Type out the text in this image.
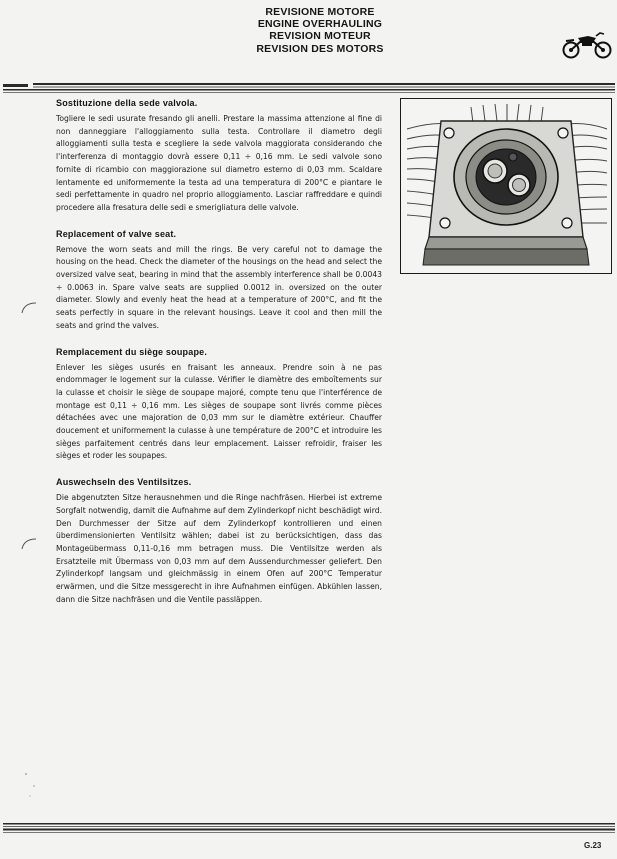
REVISIONE MOTORE
ENGINE OVERHAULING
REVISION MOTEUR
REVISION DES MOTORS
Sostituzione della sede valvola.

Togliere le sedi usurate fresando gli anelli. Prestare la massima attenzione al fine di non danneggiare l'alloggiamento sulla testa. Controllare il diametro degli alloggiamenti sulla testa e scegliere la sede valvola maggiorata considerando che l'interferenza di montaggio dovrà essere 0,11 ÷ 0,16 mm. Le sedi valvole sono fornite di ricambio con maggiorazione sul diametro esterno di 0,03 mm. Scaldare lentamente ed uniformemente la testa ad una temperatura di 200°C e piantare le sedi perfettamente in quadro nel proprio alloggiamento. Lasciar raffreddare e quindi procedere alla fresatura delle sedi e smerigliatura delle valvole.

Replacement of valve seat.

Remove the worn seats and mill the rings. Be very careful not to damage the housing on the head. Check the diameter of the housings on the head and select the oversized valve seat, bearing in mind that the assembly interference shall be 0.0043 ÷ 0.0063 in. Spare valve seats are supplied 0.0012 in. oversized on the outer diameter. Slowly and evenly heat the head at a temperature of 200°C, and fit the seats perfectly in square in the relevant housings. Leave it cool and then mill the seats and grind the valves.

Remplacement du siège soupape.

Enlever les sièges usurés en fraisant les anneaux. Prendre soin à ne pas endommager le logement sur la culasse. Vérifier le diamètre des emboîtements sur la culasse et choisir le siège de soupape majoré, compte tenu que l'interférence de montage est 0,11 ÷ 0,16 mm. Les sièges de soupape sont livrés comme pièces détachées avec une majoration de 0,03 mm sur le diamètre extérieur. Chauffer doucement et uniformement la culasse à une température de 200°C et introduire les sièges parfaitement centrés dans leur emplacement. Laisser refroidir, fraiser les sièges et roder les soupapes.

Auswechseln des Ventilsitzes.

Die abgenutzten Sitze herausnehmen und die Ringe nachfräsen. Hierbei ist extreme Sorgfalt notwendig, damit die Aufnahme auf dem Zylinderkopf nicht beschädigt wird. Den Durchmesser der Sitze auf dem Zylinderkopf kontrollieren und einen überdimensionierten Ventilsitz wählen; dabei ist zu berücksichtigen, dass das Montageübermass 0,11-0,16 mm betragen muss. Die Ventilsitze werden als Ersatzteile mit Übermass von 0,03 mm auf dem Aussendurchmesser geliefert. Den Zylinderkopf langsam und gleichmässig in einem Ofen auf 200°C Temperatur erwärmen, und die Sitze messgerecht in ihre Aufnahmen einfügen. Abkühlen lassen, dann die Sitze nachfräsen und die Ventile passläppen.

G.23
